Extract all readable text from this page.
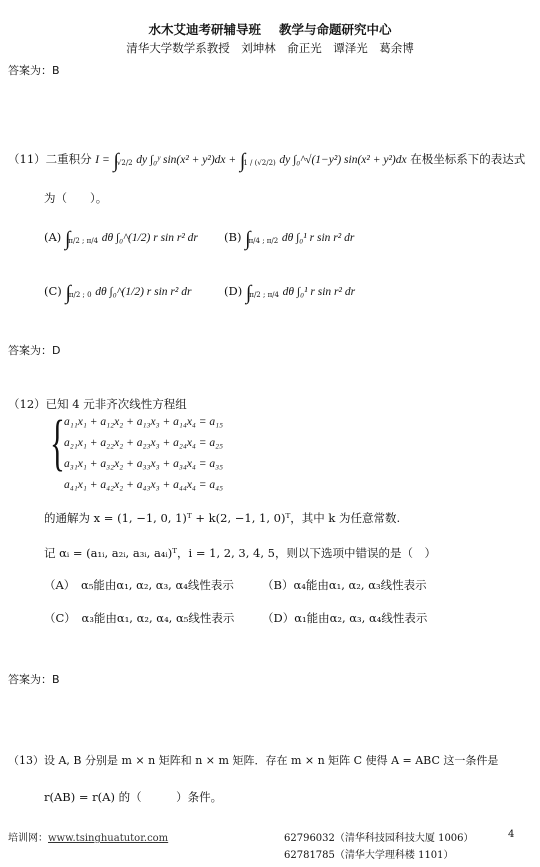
水木艾迪考研辅导班 教学与命题研究中心
清华大学数学系教授　刘坤林　俞正光　谭泽光　葛余博
答案为：B
（11）二重积分 I = ∫√2/2 dy ∫₀ʸ sin(x² + y²)dx + ∫1 / (√2/2) dy ∫₀^√(1−y²) sin(x² + y²)dx 在极坐标系下的表达式
为（　　）。
(A) ∫π/2 ; π/4 dθ ∫₀^(1/2) r sin r² dr (B) ∫π/4 ; π/2 dθ ∫₀¹ r sin r² dr
(C) ∫π/2 ; 0 dθ ∫₀^(1/2) r sin r² dr	(D) ∫π/2 ; π/4 dθ ∫₀¹ r sin r² dr
答案为：D
（12）已知 4 元非齐次线性方程组
{ a₁₁x₁ + a₁₂x₂ + a₁₃x₃ + a₁₄x₄ = a₁₅
a₂₁x₁ + a₂₂x₂ + a₂₃x₃ + a₂₄x₄ = a₂₅
a₃₁x₁ + a₃₂x₂ + a₃₃x₃ + a₃₄x₄ = a₃₅
a₄₁x₁ + a₄₂x₂ + a₄₃x₃ + a₄₄x₄ = a₄₅
的通解为 x = (1, −1, 0, 1)ᵀ + k(2, −1, 1, 0)ᵀ，其中 k 为任意常数.
记 αᵢ = (a₁ᵢ, a₂ᵢ, a₃ᵢ, a₄ᵢ)ᵀ，i = 1, 2, 3, 4, 5，则以下选项中错误的是（　）
（A）　α₅能由α₁, α₂, α₃, α₄线性表示 （B）α₄能由α₁, α₂, α₃线性表示
（C）　α₃能由α₁, α₂, α₄, α₅线性表示 （D）α₁能由α₂, α₃, α₄线性表示
答案为：B
（13）设 A, B 分别是 m × n 矩阵和 n × m 矩阵．存在 m × n 矩阵 C 使得 A = ABC 这一条件是
r(AB) = r(A) 的（　　　）条件。
培训网：www.tsinghuatutor.com	62796032（清华科技园科技大厦 1006）
62781785（清华大学理科楼 1101）
4
